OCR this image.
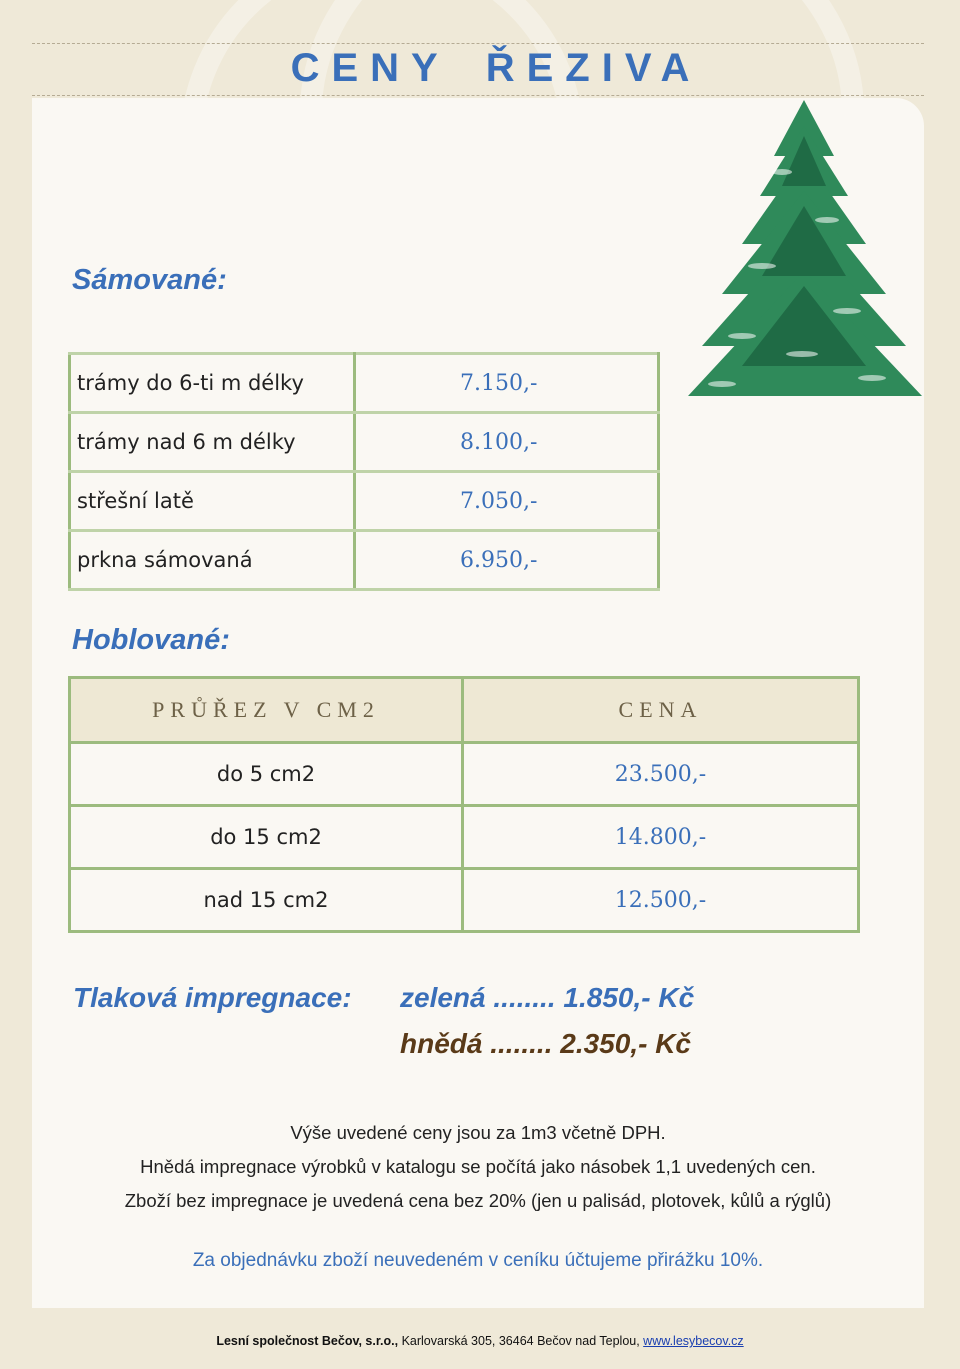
CENY ŘEZIVA
Sámované:
trámy do 6-ti m délky	7.150,-
trámy nad 6 m délky	8.100,-
střešní latě	7.050,-
prkna sámovaná	6.950,-
Hoblované:
PRŮŘEZ V CM2	CENA
do 5 cm2	23.500,-
do 15 cm2	14.800,-
nad 15 cm2	12.500,-
Tlaková impregnace: zelená ........ 1.850,- Kč
hnědá ........ 2.350,- Kč
Výše uvedené ceny jsou za 1m3 včetně DPH.
Hnědá impregnace výrobků v katalogu se počítá jako násobek 1,1 uvedených cen.
Zboží bez impregnace je uvedená cena bez 20% (jen u palisád, plotovek, kůlů a rýglů)
Za objednávku zboží neuvedeném v ceníku účtujeme přirážku 10%.
Lesní společnost Bečov, s.r.o., Karlovarská 305, 36464 Bečov nad Teplou, www.lesybecov.cz
